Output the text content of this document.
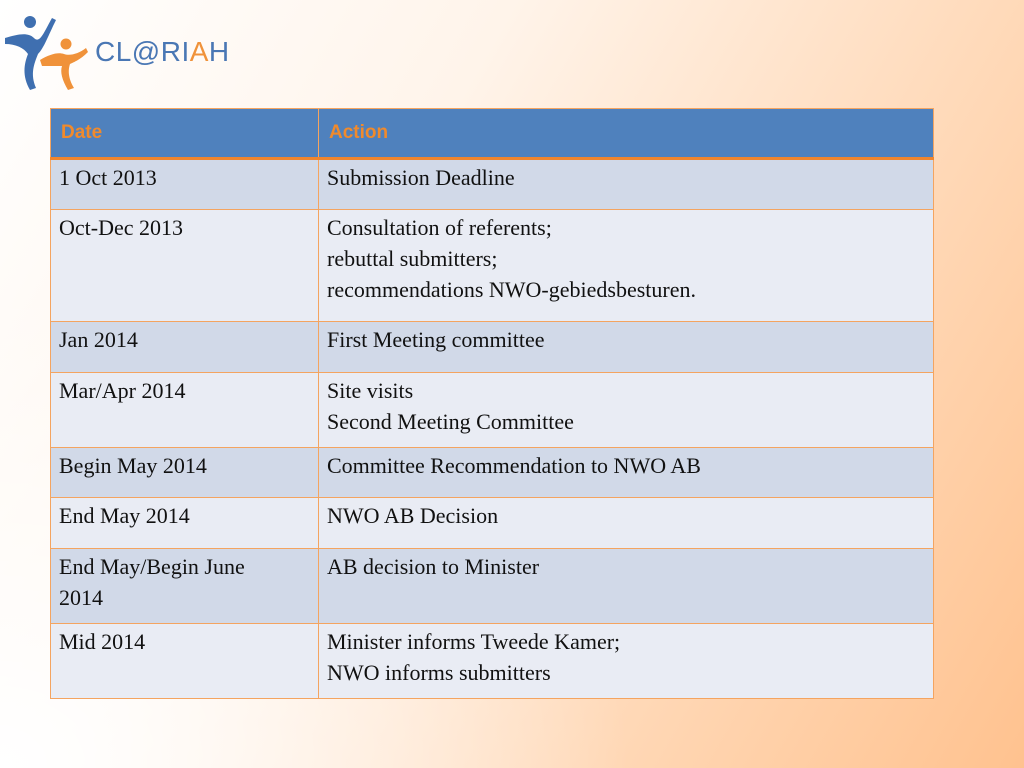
CL@RIAH
Date	Action

1 Oct 2013	Submission Deadline

Oct-Dec 2013	Consultation of referents;
rebuttal submitters;
recommendations NWO-gebiedsbesturen.

Jan 2014	First Meeting committee

Mar/Apr 2014	Site visits
Second Meeting Committee

Begin May 2014	Committee Recommendation to NWO AB

End May 2014	NWO AB Decision

End May/Begin June
2014	AB decision to Minister

Mid 2014	Minister informs Tweede Kamer;
NWO informs submitters
